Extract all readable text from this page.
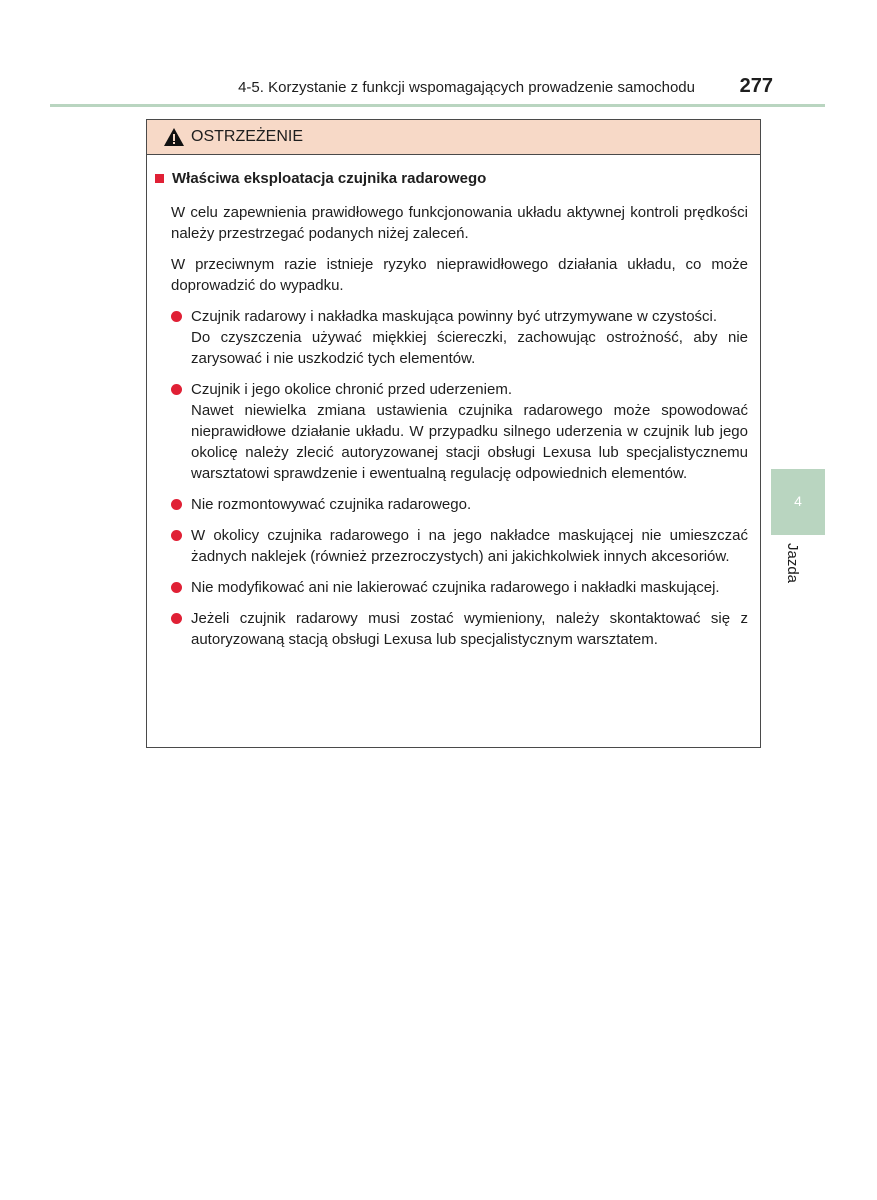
4-5. Korzystanie z funkcji wspomagających prowadzenie samochodu 277
OSTRZEŻENIE
Właściwa eksploatacja czujnika radarowego

W celu zapewnienia prawidłowego funkcjonowania układu aktywnej kontroli prędkości należy przestrzegać podanych niżej zaleceń.

W przeciwnym razie istnieje ryzyko nieprawidłowego działania układu, co może doprowadzić do wypadku.

Czujnik radarowy i nakładka maskująca powinny być utrzymywane w czystości.
Do czyszczenia używać miękkiej ściereczki, zachowując ostrożność, aby nie zarysować i nie uszkodzić tych elementów.
Czujnik i jego okolice chronić przed uderzeniem.
Nawet niewielka zmiana ustawienia czujnika radarowego może spowodować nieprawidłowe działanie układu. W przypadku silnego uderzenia w czujnik lub jego okolicę należy zlecić autoryzowanej stacji obsługi Lexusa lub specjalistycznemu warsztatowi sprawdzenie i ewentualną regulację odpowiednich elementów.
Nie rozmontowywać czujnika radarowego.
W okolicy czujnika radarowego i na jego nakładce maskującej nie umieszczać żadnych naklejek (również przezroczystych) ani jakichkolwiek innych akcesoriów.
Nie modyfikować ani nie lakierować czujnika radarowego i nakładki maskującej.
Jeżeli czujnik radarowy musi zostać wymieniony, należy skontaktować się z autoryzowaną stacją obsługi Lexusa lub specjalistycznym warsztatem.
4
Jazda
